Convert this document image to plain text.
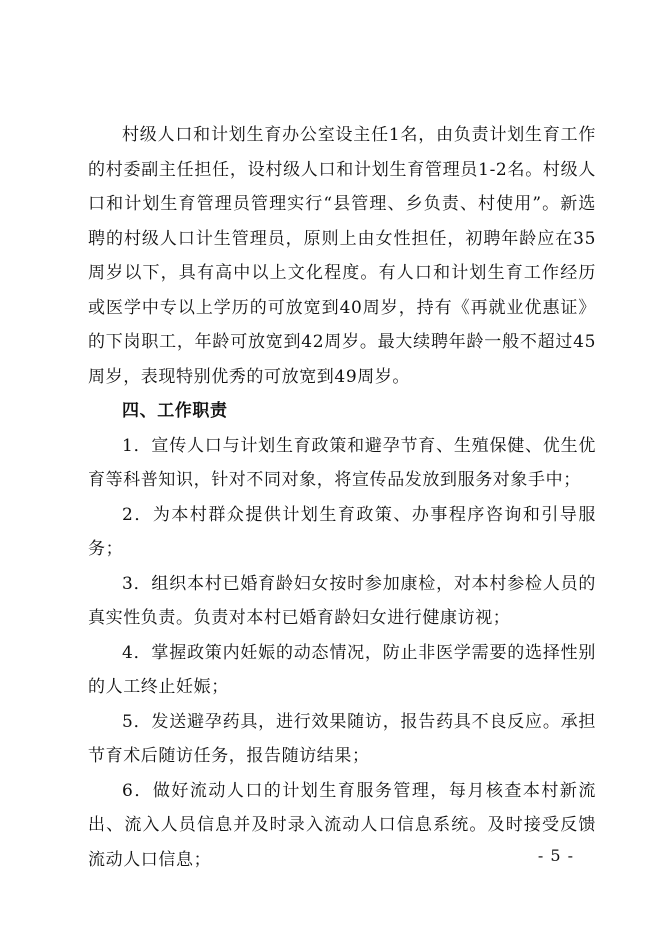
村级人口和计划生育办公室设主任1名，由负责计划生育工作的村委副主任担任，设村级人口和计划生育管理员1-2名。村级人口和计划生育管理员管理实行“县管理、乡负责、村使用”。新选聘的村级人口计生管理员，原则上由女性担任，初聘年龄应在35周岁以下，具有高中以上文化程度。有人口和计划生育工作经历或医学中专以上学历的可放宽到40周岁，持有《再就业优惠证》的下岗职工，年龄可放宽到42周岁。最大续聘年龄一般不超过45周岁，表现特别优秀的可放宽到49周岁。

四、工作职责

1．宣传人口与计划生育政策和避孕节育、生殖保健、优生优育等科普知识，针对不同对象，将宣传品发放到服务对象手中；

2．为本村群众提供计划生育政策、办事程序咨询和引导服务；

3．组织本村已婚育龄妇女按时参加康检，对本村参检人员的真实性负责。负责对本村已婚育龄妇女进行健康访视；

4．掌握政策内妊娠的动态情况，防止非医学需要的选择性别的人工终止妊娠；

5．发送避孕药具，进行效果随访，报告药具不良反应。承担节育术后随访任务，报告随访结果；

6．做好流动人口的计划生育服务管理，每月核查本村新流出、流入人员信息并及时录入流动人口信息系统。及时接受反馈流动人口信息；	- 5 -
